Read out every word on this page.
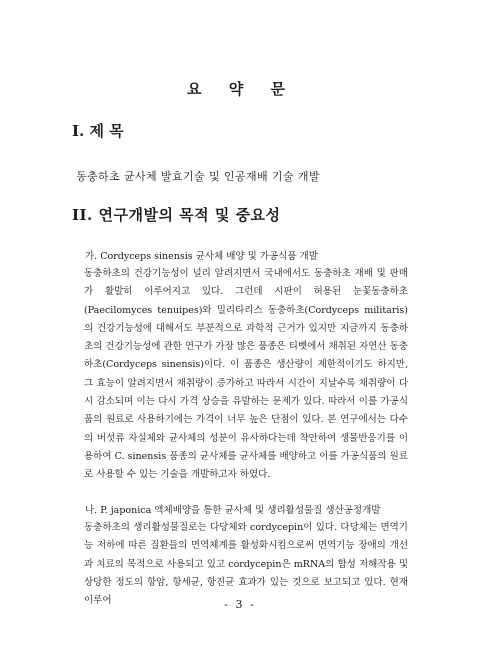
요 약 문
I. 제 목
동충하초 균사체 발효기술 및 인공재배 기술 개발
II. 연구개발의 목적 및 중요성
가. Cordyceps sinensis 균사체 배양 및 가공식품 개발

동충하초의 건강기능성이 널리 알려지면서 국내에서도 동충하초 재배 및 판매가 활발히 이루어지고 있다. 그런데 시판이 허용된 눈꽃동충하초(Paecilomyces tenuipes)와 밀리타리스 동충하초(Cordyceps militaris)의 건강기능성에 대해서도 부분적으로 과학적 근거가 있지만 지금까지 동충하초의 건강기능성에 관한 연구가 가장 많은 품종은 티벳에서 채취된 자연산 동충하초(Cordyceps sinensis)이다. 이 품종은 생산량이 제한적이기도 하지만, 그 효능이 알려지면서 채취량이 증가하고 따라서 시간이 지날수록 채취량이 다시 감소되며 이는 다시 가격 상승을 유발하는 문제가 있다. 따라서 이를 가공식품의 원료로 사용하기에는 가격이 너무 높은 단점이 있다. 본 연구에서는 다수의 버섯류 자실체와 균사체의 성분이 유사하다는데 착안하여 생물반응기를 이용하여 C. sinensis 품종의 균사체를 균사체를 배양하고 이를 가공식품의 원료로 사용할 수 있는 기술을 개발하고자 하였다.

나. P. japonica 액체배양을 통한 균사체 및 생리활성물질 생산공정개발

동충하초의 생리활성물질로는 다당체와 cordycepin이 있다. 다당체는 면역기능 저하에 따른 질환들의 면역체계를 활성화시킴으로써 면역기능 장애의 개선과 치료의 목적으로 사용되고 있고 cordycepin은 mRNA의 합성 저해작용 및 상당한 정도의 항암, 항세균, 항진균 효과가 있는 것으로 보고되고 있다. 현재 이루어	- 3 -
